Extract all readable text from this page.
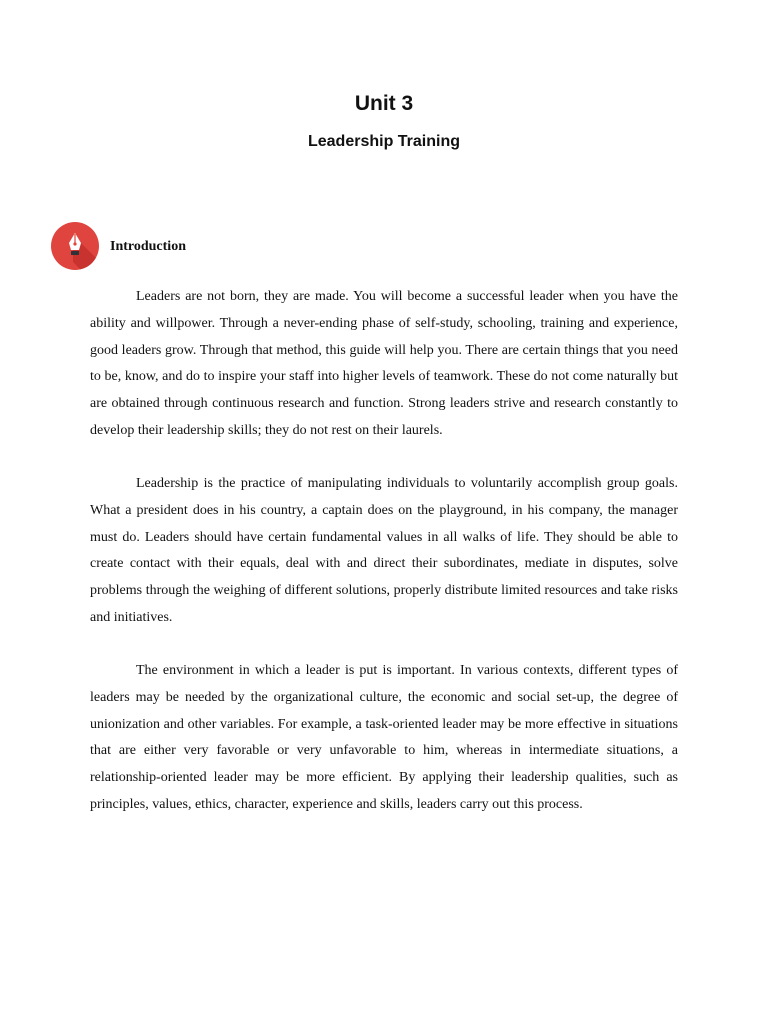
Unit 3
Leadership Training
Introduction

Leaders are not born, they are made. You will become a successful leader when you have the ability and willpower. Through a never-ending phase of self-study, schooling, training and experience, good leaders grow. Through that method, this guide will help you. There are certain things that you need to be, know, and do to inspire your staff into higher levels of teamwork. These do not come naturally but are obtained through continuous research and function. Strong leaders strive and research constantly to develop their leadership skills; they do not rest on their laurels.

Leadership is the practice of manipulating individuals to voluntarily accomplish group goals. What a president does in his country, a captain does on the playground, in his company, the manager must do. Leaders should have certain fundamental values in all walks of life. They should be able to create contact with their equals, deal with and direct their subordinates, mediate in disputes, solve problems through the weighing of different solutions, properly distribute limited resources and take risks and initiatives.

The environment in which a leader is put is important. In various contexts, different types of leaders may be needed by the organizational culture, the economic and social set-up, the degree of unionization and other variables. For example, a task-oriented leader may be more effective in situations that are either very favorable or very unfavorable to him, whereas in intermediate situations, a relationship-oriented leader may be more efficient. By applying their leadership qualities, such as principles, values, ethics, character, experience and skills, leaders carry out this process.
